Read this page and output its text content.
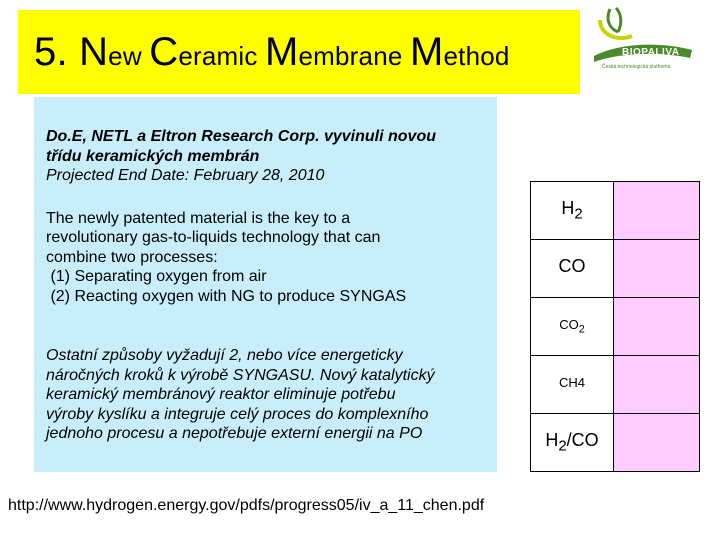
5. New Ceramic Membrane Method	BIOPALIVA
Česká technologická platforma
Do.E, NETL a Eltron Research Corp. vyvinuli novou
třídu keramických membrán
Projected End Date: February 28, 2010
The newly patented material is the key to a
revolutionary gas-to-liquids technology that can
combine two processes:
(1) Separating oxygen from air
(2) Reacting oxygen with NG to produce SYNGAS
Ostatní způsoby vyžadují 2, nebo více energeticky
náročných kroků k výrobě SYNGASU. Nový katalytický
keramický membránový reaktor eliminuje potřebu
výroby kyslíku a integruje celý proces do komplexního
jednoho procesu a nepotřebuje externí energii na PO
$H_2$	
CO	
$CO_2$	
CH4	
$H_2/CO$	
http://www.hydrogen.energy.gov/pdfs/progress05/iv_a_11_chen.pdf
